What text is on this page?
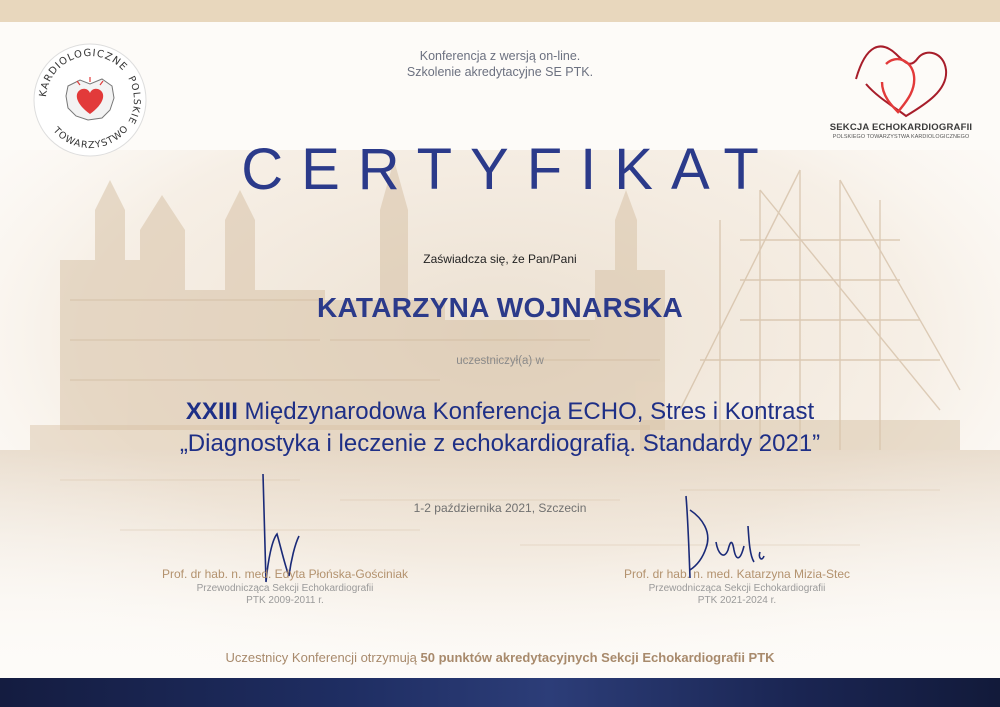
KARDIOLOGICZNE
POLSKIE
TOWARZYSTWO	SEKCJA ECHOKARDIOGRAFII
POLSKIEGO TOWARZYSTWA KARDIOLOGICZNEGO
Konferencja z wersją on-line.
Szkolenie akredytacyjne SE PTK.
CERTYFIKAT
Zaświadcza się, że Pan/Pani
KATARZYNA WOJNARSKA
uczestniczył(a) w
XXIII Międzynarodowa Konferencja ECHO, Stres i Kontrast
„Diagnostyka i leczenie z echokardiografią. Standardy 2021”
1-2 października 2021, Szczecin
Prof. dr hab. n. med. Edyta Płońska-Gościniak
Przewodnicząca Sekcji Echokardiografii
PTK 2009-2011 r.
Prof. dr hab. n. med. Katarzyna Mizia-Stec
Przewodnicząca Sekcji Echokardiografii
PTK 2021-2024 r.
Uczestnicy Konferencji otrzymują 50 punktów akredytacyjnych Sekcji Echokardiografii PTK
